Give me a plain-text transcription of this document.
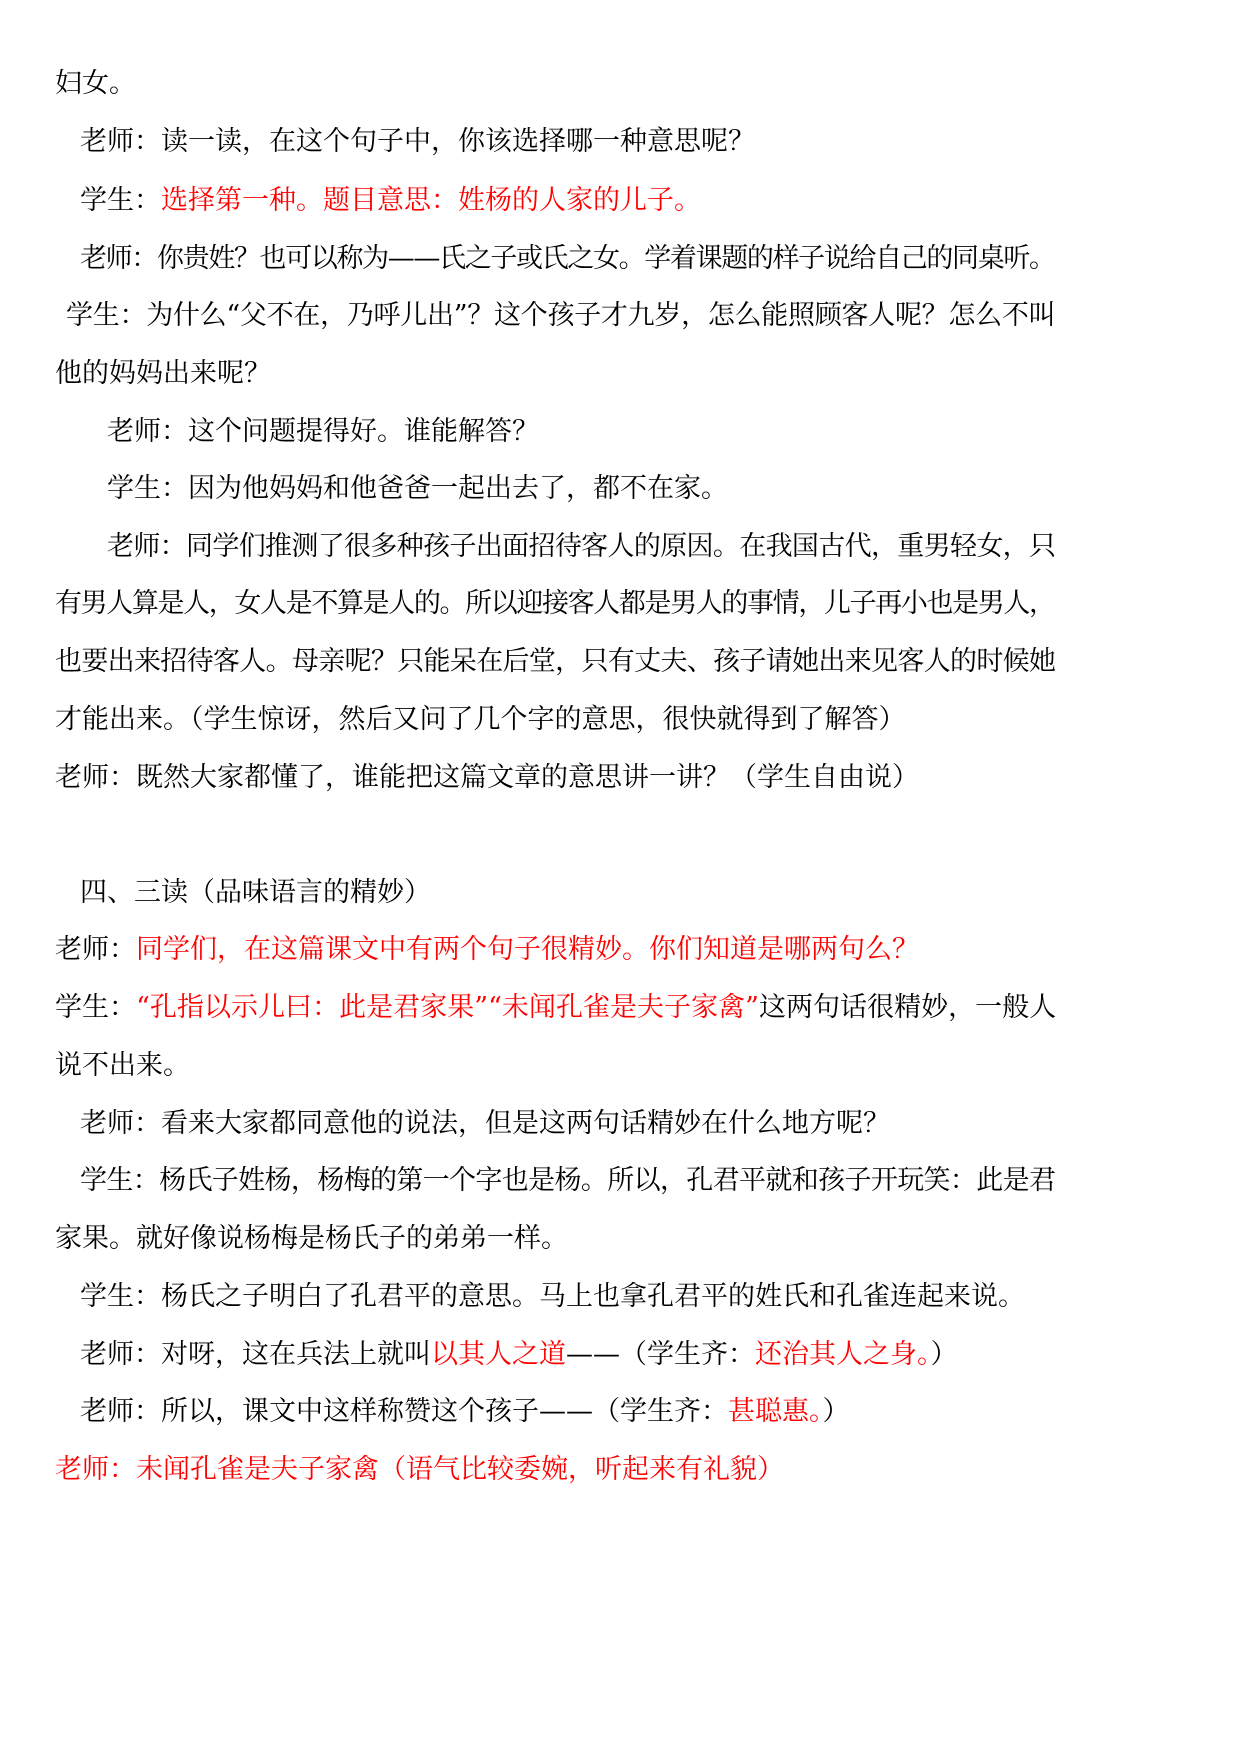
妇女。
老师：读一读，在这个句子中，你该选择哪一种意思呢？
学生：选择第一种。题目意思：姓杨的人家的儿子。
老师：你贵姓？也可以称为——氏之子或氏之女。学着课题的样子说给自己的同桌听。
学生：为什么“父不在，乃呼儿出”？这个孩子才九岁，怎么能照顾客人呢？怎么不叫
他的妈妈出来呢？
老师：这个问题提得好。谁能解答？
学生：因为他妈妈和他爸爸一起出去了，都不在家。
老师：同学们推测了很多种孩子出面招待客人的原因。在我国古代，重男轻女，只
有男人算是人，女人是不算是人的。所以迎接客人都是男人的事情，儿子再小也是男人，
也要出来招待客人。母亲呢？只能呆在后堂，只有丈夫、孩子请她出来见客人的时候她
才能出来。（学生惊讶，然后又问了几个字的意思，很快就得到了解答）
老师：既然大家都懂了，谁能把这篇文章的意思讲一讲？（学生自由说）
四、三读（品味语言的精妙）
老师：同学们，在这篇课文中有两个句子很精妙。你们知道是哪两句么？
学生：“孔指以示儿曰：此是君家果”“未闻孔雀是夫子家禽”这两句话很精妙，一般人
说不出来。
老师：看来大家都同意他的说法，但是这两句话精妙在什么地方呢？
学生：杨氏子姓杨，杨梅的第一个字也是杨。所以，孔君平就和孩子开玩笑：此是君
家果。就好像说杨梅是杨氏子的弟弟一样。
学生：杨氏之子明白了孔君平的意思。马上也拿孔君平的姓氏和孔雀连起来说。
老师：对呀，这在兵法上就叫以其人之道——（学生齐：还治其人之身。）
老师：所以，课文中这样称赞这个孩子——（学生齐：甚聪惠。）
老师：未闻孔雀是夫子家禽（语气比较委婉，听起来有礼貌）
